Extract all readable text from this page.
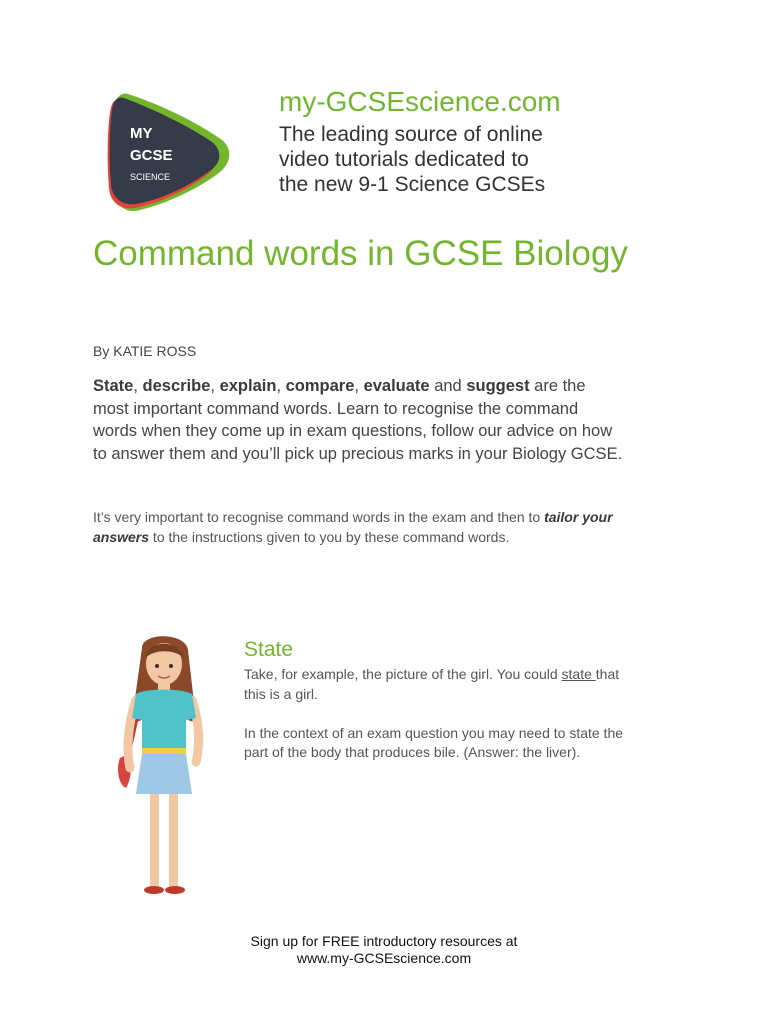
MY
GCSE
SCIENCE
my-GCSEscience.com
The leading source of online
video tutorials dedicated to
the new 9-1 Science GCSEs
Command words in GCSE Biology
By KATIE ROSS
State, describe, explain, compare, evaluate and suggest are the
most important command words. Learn to recognise the command
words when they come up in exam questions, follow our advice on how
to answer them and you’ll pick up precious marks in your Biology GCSE.
It’s very important to recognise command words in the exam and then to tailor your
answers to the instructions given to you by these command words.
State
Take, for example, the picture of the girl. You could state that
this is a girl.
In the context of an exam question you may need to state the
part of the body that produces bile. (Answer: the liver).
Sign up for FREE introductory resources at
www.my-GCSEscience.com
